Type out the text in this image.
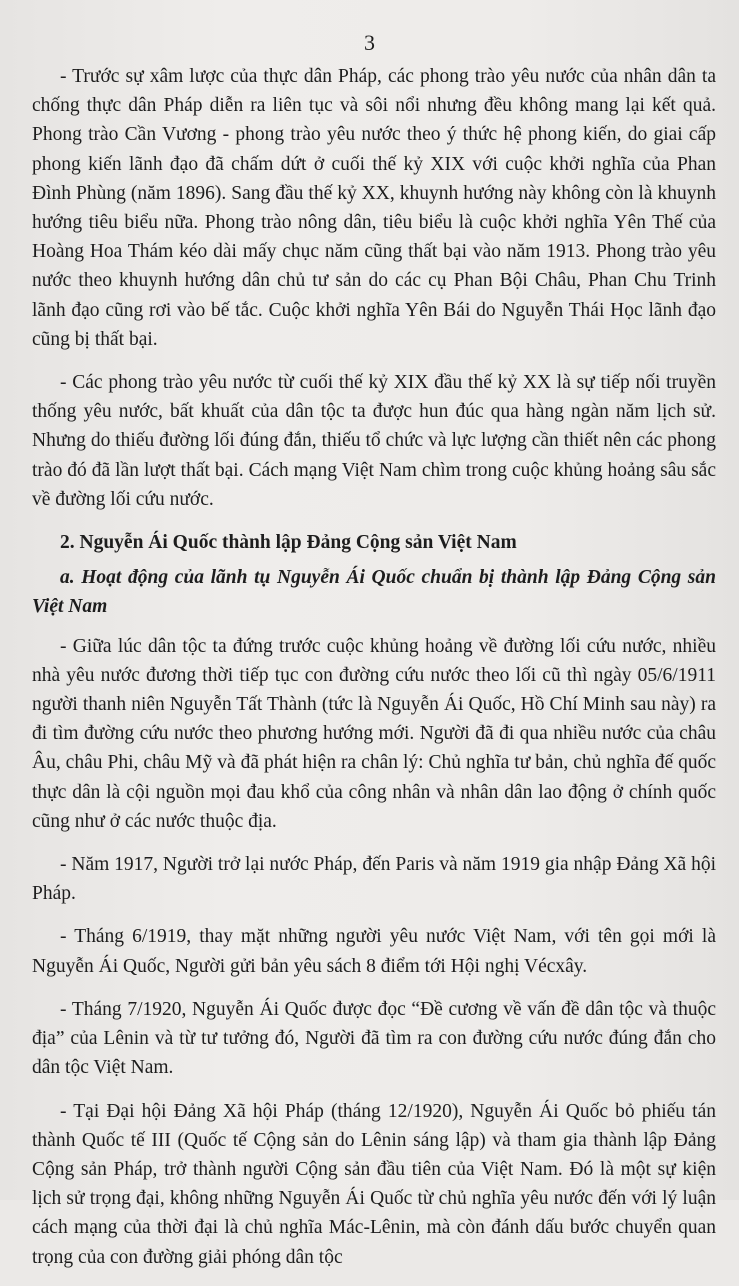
3

- Trước sự xâm lược của thực dân Pháp, các phong trào yêu nước của nhân dân ta chống thực dân Pháp diễn ra liên tục và sôi nổi nhưng đều không mang lại kết quả. Phong trào Cần Vương - phong trào yêu nước theo ý thức hệ phong kiến, do giai cấp phong kiến lãnh đạo đã chấm dứt ở cuối thế kỷ XIX với cuộc khởi nghĩa của Phan Đình Phùng (năm 1896). Sang đầu thế kỷ XX, khuynh hướng này không còn là khuynh hướng tiêu biểu nữa. Phong trào nông dân, tiêu biểu là cuộc khởi nghĩa Yên Thế của Hoàng Hoa Thám kéo dài mấy chục năm cũng thất bại vào năm 1913. Phong trào yêu nước theo khuynh hướng dân chủ tư sản do các cụ Phan Bội Châu, Phan Chu Trinh lãnh đạo cũng rơi vào bế tắc. Cuộc khởi nghĩa Yên Bái do Nguyễn Thái Học lãnh đạo cũng bị thất bại.

- Các phong trào yêu nước từ cuối thế kỷ XIX đầu thế kỷ XX là sự tiếp nối truyền thống yêu nước, bất khuất của dân tộc ta được hun đúc qua hàng ngàn năm lịch sử. Nhưng do thiếu đường lối đúng đắn, thiếu tổ chức và lực lượng cần thiết nên các phong trào đó đã lần lượt thất bại. Cách mạng Việt Nam chìm trong cuộc khủng hoảng sâu sắc về đường lối cứu nước.

2. Nguyễn Ái Quốc thành lập Đảng Cộng sản Việt Nam

a. Hoạt động của lãnh tụ Nguyễn Ái Quốc chuẩn bị thành lập Đảng Cộng sản Việt Nam

- Giữa lúc dân tộc ta đứng trước cuộc khủng hoảng về đường lối cứu nước, nhiều nhà yêu nước đương thời tiếp tục con đường cứu nước theo lối cũ thì ngày 05/6/1911 người thanh niên Nguyễn Tất Thành (tức là Nguyễn Ái Quốc, Hồ Chí Minh sau này) ra đi tìm đường cứu nước theo phương hướng mới. Người đã đi qua nhiều nước của châu Âu, châu Phi, châu Mỹ và đã phát hiện ra chân lý: Chủ nghĩa tư bản, chủ nghĩa đế quốc thực dân là cội nguồn mọi đau khổ của công nhân và nhân dân lao động ở chính quốc cũng như ở các nước thuộc địa.

- Năm 1917, Người trở lại nước Pháp, đến Paris và năm 1919 gia nhập Đảng Xã hội Pháp.

- Tháng 6/1919, thay mặt những người yêu nước Việt Nam, với tên gọi mới là Nguyễn Ái Quốc, Người gửi bản yêu sách 8 điểm tới Hội nghị Vécxây.

- Tháng 7/1920, Nguyễn Ái Quốc được đọc “Đề cương về vấn đề dân tộc và thuộc địa” của Lênin và từ tư tưởng đó, Người đã tìm ra con đường cứu nước đúng đắn cho dân tộc Việt Nam.

- Tại Đại hội Đảng Xã hội Pháp (tháng 12/1920), Nguyễn Ái Quốc bỏ phiếu tán thành Quốc tế III (Quốc tế Cộng sản do Lênin sáng lập) và tham gia thành lập Đảng Cộng sản Pháp, trở thành người Cộng sản đầu tiên của Việt Nam. Đó là một sự kiện lịch sử trọng đại, không những Nguyễn Ái Quốc từ chủ nghĩa yêu nước đến với lý luận cách mạng của thời đại là chủ nghĩa Mác-Lênin, mà còn đánh dấu bước chuyển quan trọng của con đường giải phóng dân tộc
